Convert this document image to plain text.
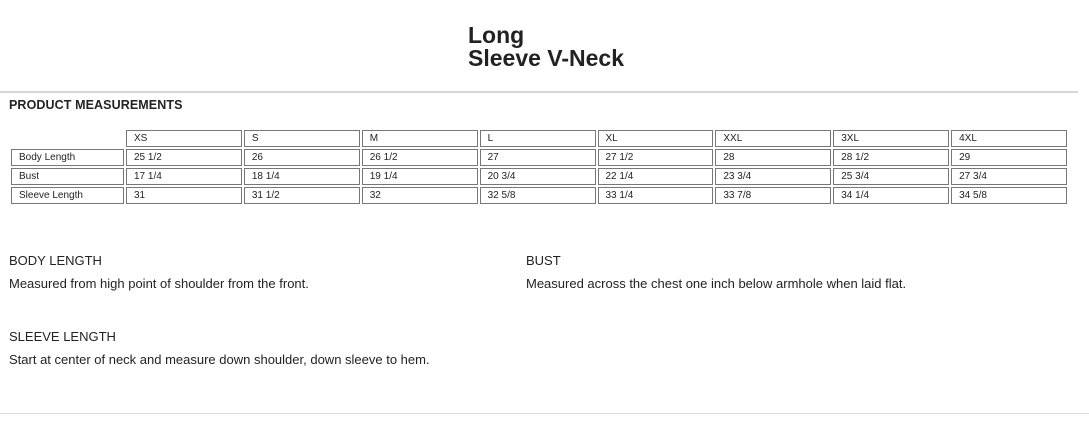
Long
Sleeve V-Neck
PRODUCT MEASUREMENTS
	XS	S	M	L	XL	XXL	3XL	4XL
Body Length	25 1/2	26	26 1/2	27	27 1/2	28	28 1/2	29
Bust	17 1/4	18 1/4	19 1/4	20 3/4	22 1/4	23 3/4	25 3/4	27 3/4
Sleeve Length	31	31 1/2	32	32 5/8	33 1/4	33 7/8	34 1/4	34 5/8
BODY LENGTH
Measured from high point of shoulder from the front.
BUST
Measured across the chest one inch below armhole when laid flat.
SLEEVE LENGTH
Start at center of neck and measure down shoulder, down sleeve to hem.
